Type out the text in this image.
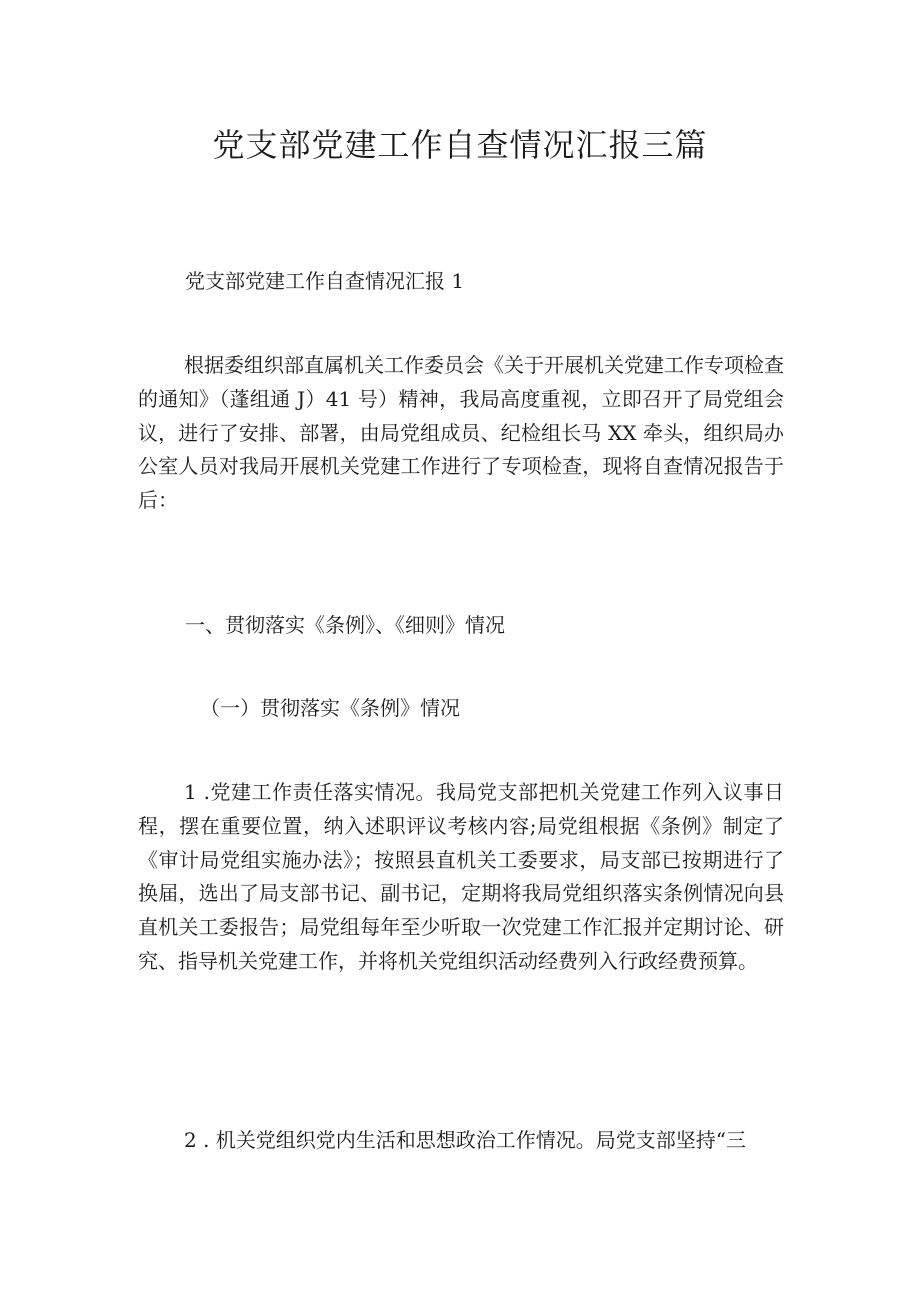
党支部党建工作自查情况汇报三篇

党支部党建工作自查情况汇报 1

根据委组织部直属机关工作委员会《关于开展机关党建工作专项检查的通知》（蓬组通 J）41 号）精神，我局高度重视，立即召开了局党组会议，进行了安排、部署，由局党组成员、纪检组长马 XX 牵头，组织局办公室人员对我局开展机关党建工作进行了专项检查，现将自查情况报告于后：

一、贯彻落实《条例》、《细则》情况

（一）贯彻落实《条例》情况

1 .党建工作责任落实情况。我局党支部把机关党建工作列入议事日程，摆在重要位置，纳入述职评议考核内容;局党组根据《条例》制定了《审计局党组实施办法》；按照县直机关工委要求，局支部已按期进行了换届，选出了局支部书记、副书记，定期将我局党组织落实条例情况向县直机关工委报告；局党组每年至少听取一次党建工作汇报并定期讨论、研究、指导机关党建工作，并将机关党组织活动经费列入行政经费预算。

2 . 机关党组织党内生活和思想政治工作情况。局党支部坚持“三
